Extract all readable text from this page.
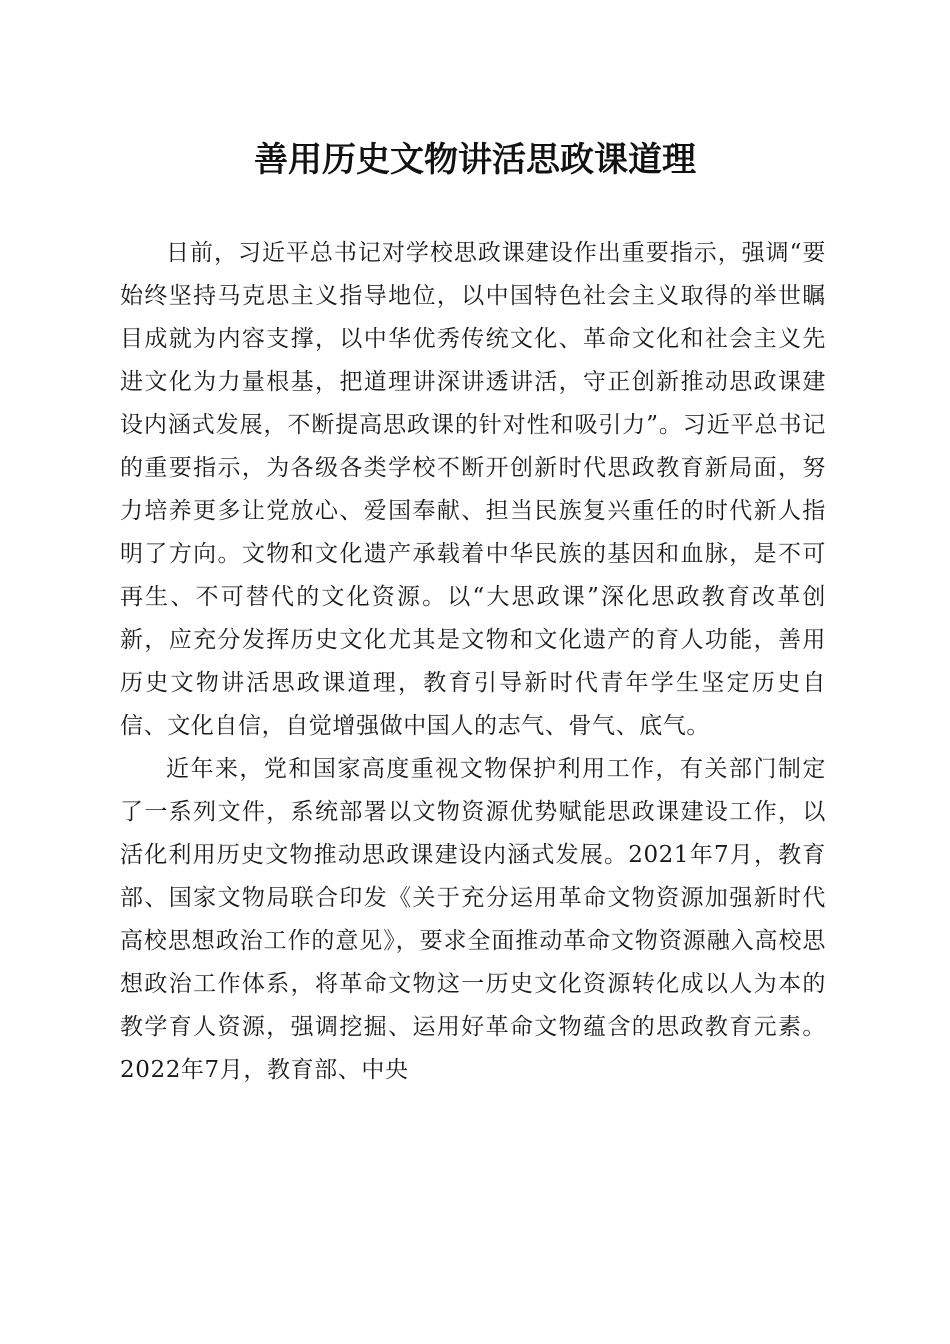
善用历史文物讲活思政课道理

日前，习近平总书记对学校思政课建设作出重要指示，强调“要始终坚持马克思主义指导地位，以中国特色社会主义取得的举世瞩目成就为内容支撑，以中华优秀传统文化、革命文化和社会主义先进文化为力量根基，把道理讲深讲透讲活，守正创新推动思政课建设内涵式发展，不断提高思政课的针对性和吸引力”。习近平总书记的重要指示，为各级各类学校不断开创新时代思政教育新局面，努力培养更多让党放心、爱国奉献、担当民族复兴重任的时代新人指明了方向。文物和文化遗产承载着中华民族的基因和血脉，是不可再生、不可替代的文化资源。以“大思政课”深化思政教育改革创新，应充分发挥历史文化尤其是文物和文化遗产的育人功能，善用历史文物讲活思政课道理，教育引导新时代青年学生坚定历史自信、文化自信，自觉增强做中国人的志气、骨气、底气。

近年来，党和国家高度重视文物保护利用工作，有关部门制定了一系列文件，系统部署以文物资源优势赋能思政课建设工作，以活化利用历史文物推动思政课建设内涵式发展。2021年7月，教育部、国家文物局联合印发《关于充分运用革命文物资源加强新时代高校思想政治工作的意见》，要求全面推动革命文物资源融入高校思想政治工作体系，将革命文物这一历史文化资源转化成以人为本的教学育人资源，强调挖掘、运用好革命文物蕴含的思政教育元素。2022年7月，教育部、中央
